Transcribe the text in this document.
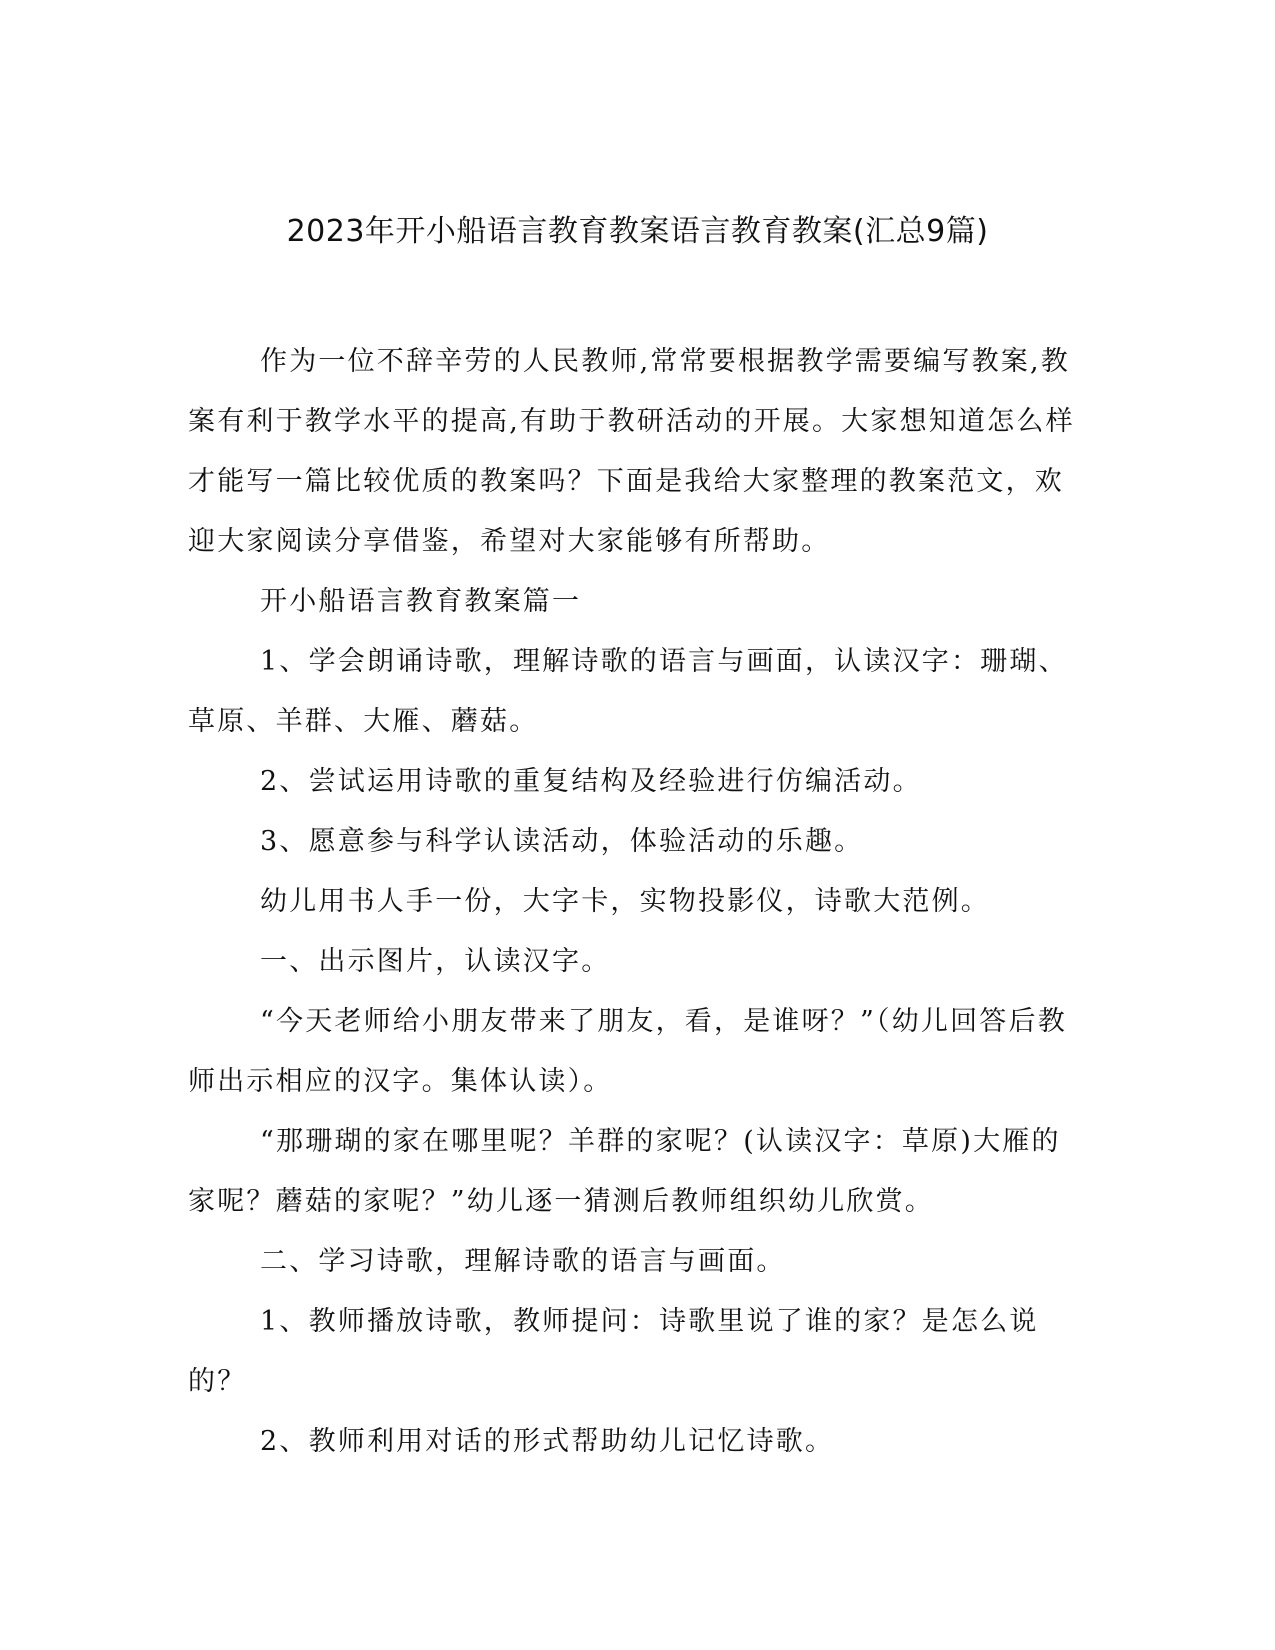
2023年开小船语言教育教案语言教育教案(汇总9篇)

作为一位不辞辛劳的人民教师,常常要根据教学需要编写教案,教案有利于教学水平的提高,有助于教研活动的开展。大家想知道怎么样才能写一篇比较优质的教案吗？下面是我给大家整理的教案范文，欢迎大家阅读分享借鉴，希望对大家能够有所帮助。

开小船语言教育教案篇一

1、学会朗诵诗歌，理解诗歌的语言与画面，认读汉字：珊瑚、草原、羊群、大雁、蘑菇。

2、尝试运用诗歌的重复结构及经验进行仿编活动。

3、愿意参与科学认读活动，体验活动的乐趣。

幼儿用书人手一份，大字卡，实物投影仪，诗歌大范例。

一、出示图片，认读汉字。

“今天老师给小朋友带来了朋友，看，是谁呀？”（幼儿回答后教师出示相应的汉字。集体认读）。

“那珊瑚的家在哪里呢？羊群的家呢？(认读汉字：草原)大雁的家呢？蘑菇的家呢？”幼儿逐一猜测后教师组织幼儿欣赏。

二、学习诗歌，理解诗歌的语言与画面。

1、教师播放诗歌，教师提问：诗歌里说了谁的家？是怎么说的？

2、教师利用对话的形式帮助幼儿记忆诗歌。
